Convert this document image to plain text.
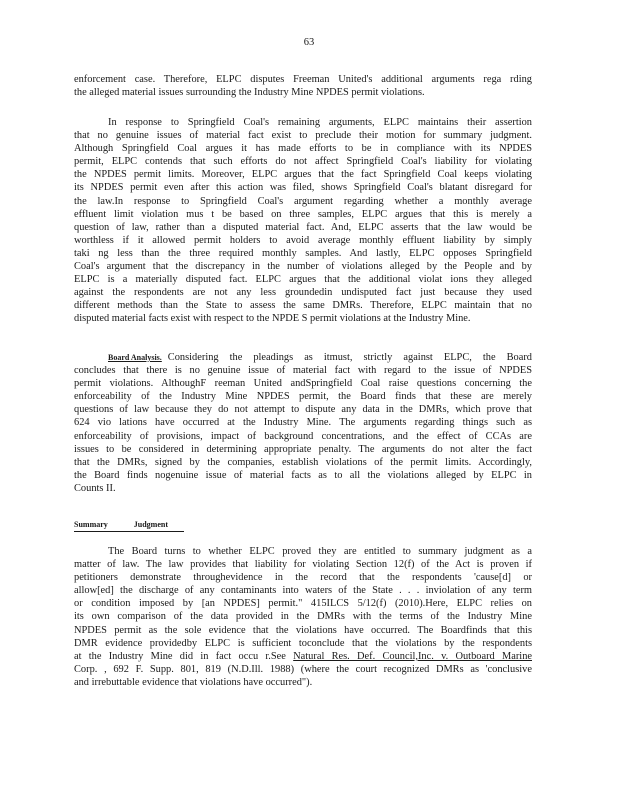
63
enforcement case. Therefore, ELPC disputes Freeman United's additional arguments rega rding
the alleged material issues surrounding the Industry Mine NPDES permit violations.
In response to Springfield Coal's remaining arguments, ELPC maintains their assertion
that no genuine issues of material fact exist to preclude their motion for summary judgment.
Although Springfield Coal argues it has made efforts to be in compliance with its NPDES
permit, ELPC contends that such efforts do not affect Springfield Coal's liability for violating
the NPDES permit limits. Moreover, ELPC argues that the fact Springfield Coal keeps violating
its NPDES permit even after this action was filed, shows Springfield Coal's blatant disregard for
the law.In response to Springfield Coal's argument regarding whether a monthly average
effluent limit violation mus t be based on three samples, ELPC argues that this is merely a
question of law, rather than a disputed material fact. And, ELPC asserts that the law would be
worthless if it allowed permit holders to avoid average monthly effluent liability by simply
taki ng less than the three required monthly samples. And lastly, ELPC opposes Springfield
Coal's argument that the discrepancy in the number of violations alleged by the People and by
ELPC is a materially disputed fact. ELPC argues that the additional violat ions they alleged
against the respondents are not any less groundedin undisputed fact just because they used
different methods than the State to assess the same DMRs. Therefore, ELPC maintain that no
disputed material facts exist with respect to the NPDE S permit violations at the Industry Mine.
Board Analysis. Considering the pleadings as itmust, strictly against ELPC, the Board
concludes that there is no genuine issue of material fact with regard to the issue of NPDES
permit violations. AlthoughF reeman United andSpringfield Coal raise questions concerning the
enforceability of the Industry Mine NPDES permit, the Board finds that these are merely
questions of law because they do not attempt to dispute any data in the DMRs, which prove that
624 vio lations have occurred at the Industry Mine. The arguments regarding things such as
enforceability of provisions, impact of background concentrations, and the effect of CCAs are
issues to be considered in determining appropriate penalty. The arguments do not alter the fact
that the DMRs, signed by the companies, establish violations of the permit limits. Accordingly,
the Board finds nogenuine issue of material facts as to all the violations alleged by ELPC in
Counts II.
Summary	Judgment  
The Board turns to whether ELPC proved they are entitled to summary judgment as a
matter of law. The law provides that liability for violating Section 12(f) of the Act is proven if
petitioners demonstrate throughevidence in the record that the respondents 'cause[d] or
allow[ed] the discharge of any contaminants into waters of the State . . . inviolation of any term
or condition imposed by [an NPDES] permit." 415ILCS 5/12(f) (2010).Here, ELPC relies on
its own comparison of the data provided in the DMRs with the terms of the Industry Mine
NPDES permit as the sole evidence that the violations have occurred. The Boardfinds that this
DMR evidence providedby ELPC is sufficient toconclude that the violations by the respondents
at the Industry Mine did in fact occu r.See Natural Res. Def. Council,Inc. v. Outboard Marine
Corp. , 692 F. Supp. 801, 819 (N.D.Ill. 1988) (where the court recognized DMRs as 'conclusive
and irrebuttable evidence that violations have occurred").
